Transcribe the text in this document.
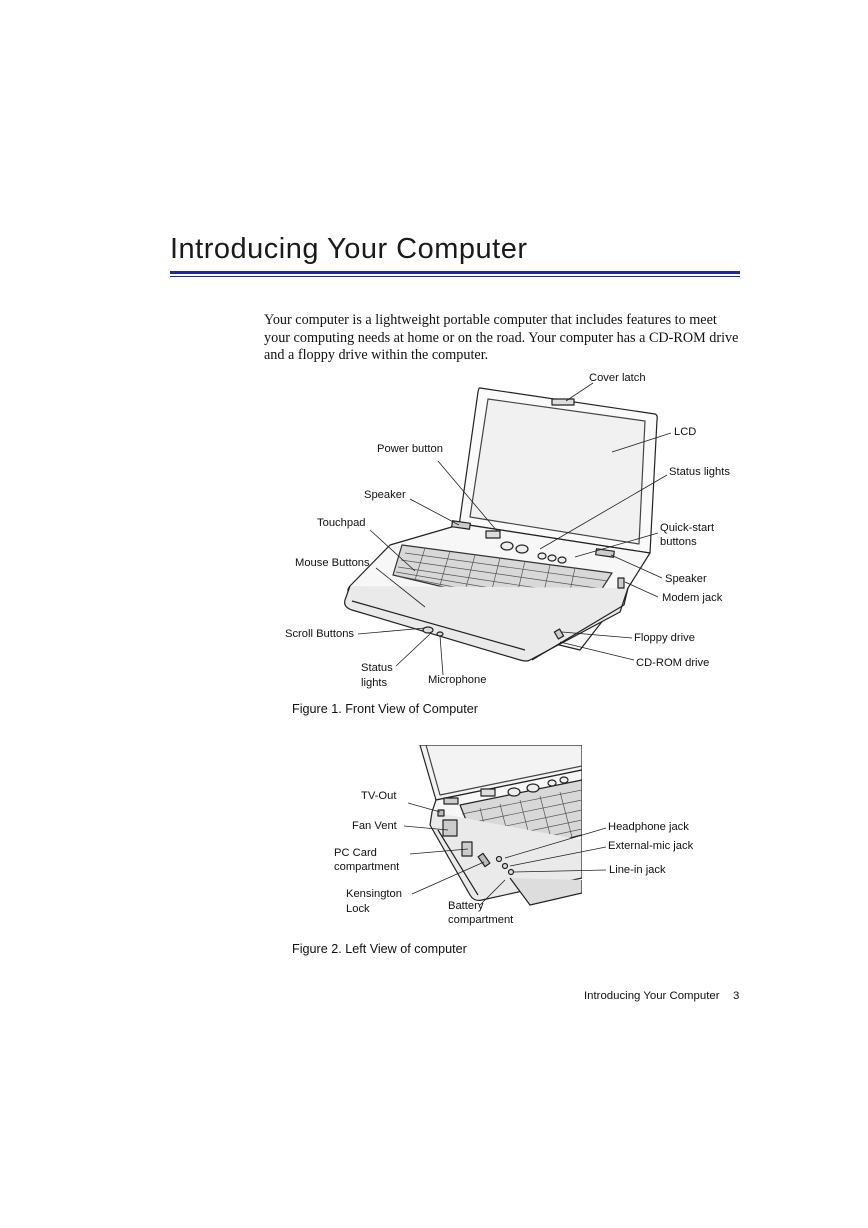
Introducing Your Computer
Your computer is a lightweight portable computer that includes features to meet your computing needs at home or on the road. Your computer has a CD-ROM drive and a floppy drive within the computer.
Cover latch
LCD
Power button
Status lights
Speaker
Touchpad	Quick-start
buttons
Mouse Buttons
Speaker
Modem jack
Scroll Buttons	Floppy drive
Status
lights
CD-ROM drive
Microphone
Figure 1. Front View of Computer
TV-Out
Fan Vent	Headphone jack
PC Card
compartment
External-mic jack
Line-in jack
Kensington
Lock	Battery
compartment
Figure 2. Left View of computer
Introducing Your Computer 3
